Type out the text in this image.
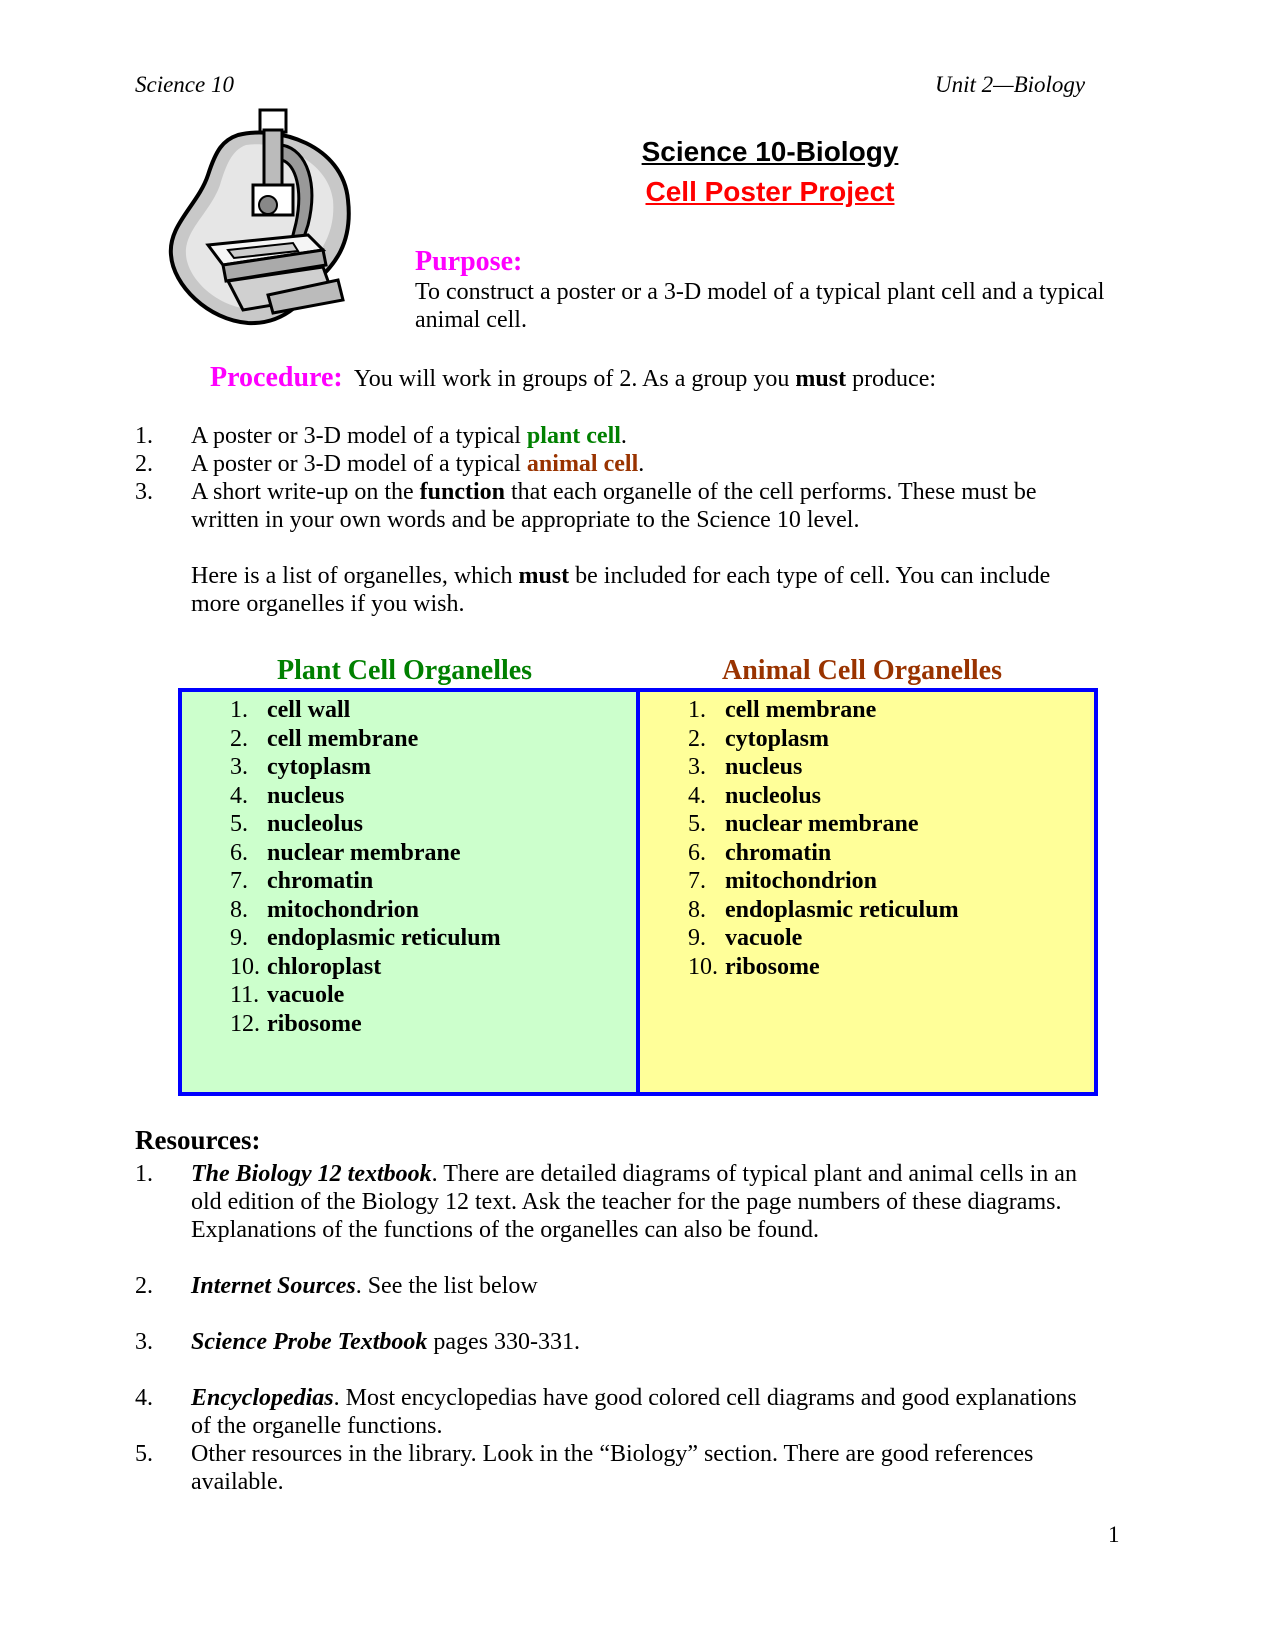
Science 10	Unit 2—Biology
Science 10-Biology
Cell Poster Project
Purpose:
To construct a poster or a 3-D model of a typical plant cell and a typical
animal cell.
Procedure: You will work in groups of 2. As a group you must produce:
1. A poster or 3-D model of a typical plant cell.
2. A poster or 3-D model of a typical animal cell.
3. A short write-up on the function that each organelle of the cell performs. These must be
written in your own words and be appropriate to the Science 10 level.
Here is a list of organelles, which must be included for each type of cell. You can include
more organelles if you wish.
Plant Cell Organelles	Animal Cell Organelles
1. cell wall
2. cell membrane
3. cytoplasm
4. nucleus
5. nucleolus
6. nuclear membrane
7. chromatin
8. mitochondrion
9. endoplasmic reticulum
10. chloroplast
11. vacuole
12. ribosome
1. cell membrane
2. cytoplasm
3. nucleus
4. nucleolus
5. nuclear membrane
6. chromatin
7. mitochondrion
8. endoplasmic reticulum
9. vacuole
10. ribosome
Resources:
1. The Biology 12 textbook. There are detailed diagrams of typical plant and animal cells in an
old edition of the Biology 12 text. Ask the teacher for the page numbers of these diagrams.
Explanations of the functions of the organelles can also be found.
2. Internet Sources. See the list below
3. Science Probe Textbook pages 330-331.
4. Encyclopedias. Most encyclopedias have good colored cell diagrams and good explanations
of the organelle functions.
5. Other resources in the library. Look in the “Biology” section. There are good references
available.
1
